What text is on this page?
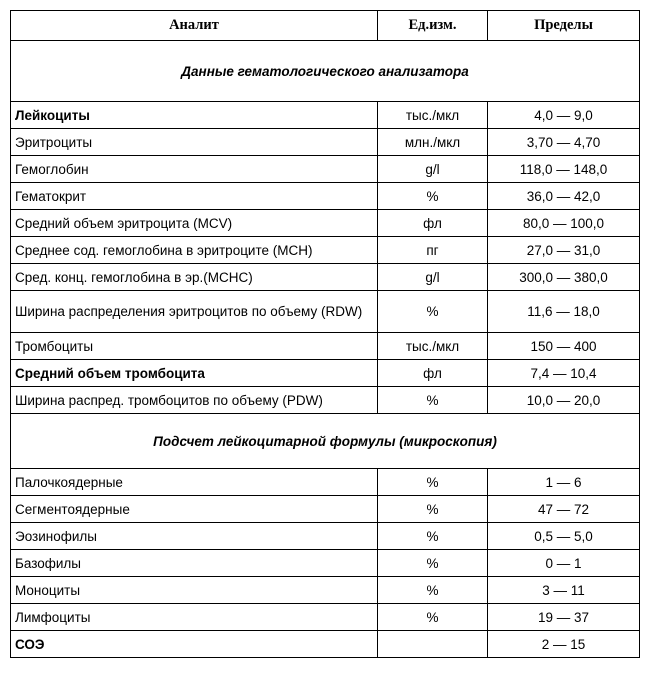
Аналит	Ед.изм.	Пределы
Данные гематологического анализатора		
Лейкоциты	тыс./мкл	4,0 — 9,0
Эритроциты	млн./мкл	3,70 — 4,70
Гемоглобин	g/l	118,0 — 148,0
Гематокрит	%	36,0 — 42,0
Средний объем эритроцита (MCV)	фл	80,0 — 100,0
Среднее сод. гемоглобина в эритроците (MCH)	пг	27,0 — 31,0
Сред. конц. гемоглобина в эр.(MCHC)	g/l	300,0 — 380,0
Ширина распределения эритроцитов по объему (RDW)	%	11,6 — 18,0
Тромбоциты	тыс./мкл	150 — 400
Средний объем тромбоцита	фл	7,4 — 10,4
Ширина распред. тромбоцитов по объему (PDW)	%	10,0 — 20,0
Подсчет лейкоцитарной формулы (микроскопия)		
Палочкоядерные	%	1 — 6
Сегментоядерные	%	47 — 72
Эозинофилы	%	0,5 — 5,0
Базофилы	%	0 — 1
Моноциты	%	3 — 11
Лимфоциты	%	19 — 37
СОЭ		2 — 15
